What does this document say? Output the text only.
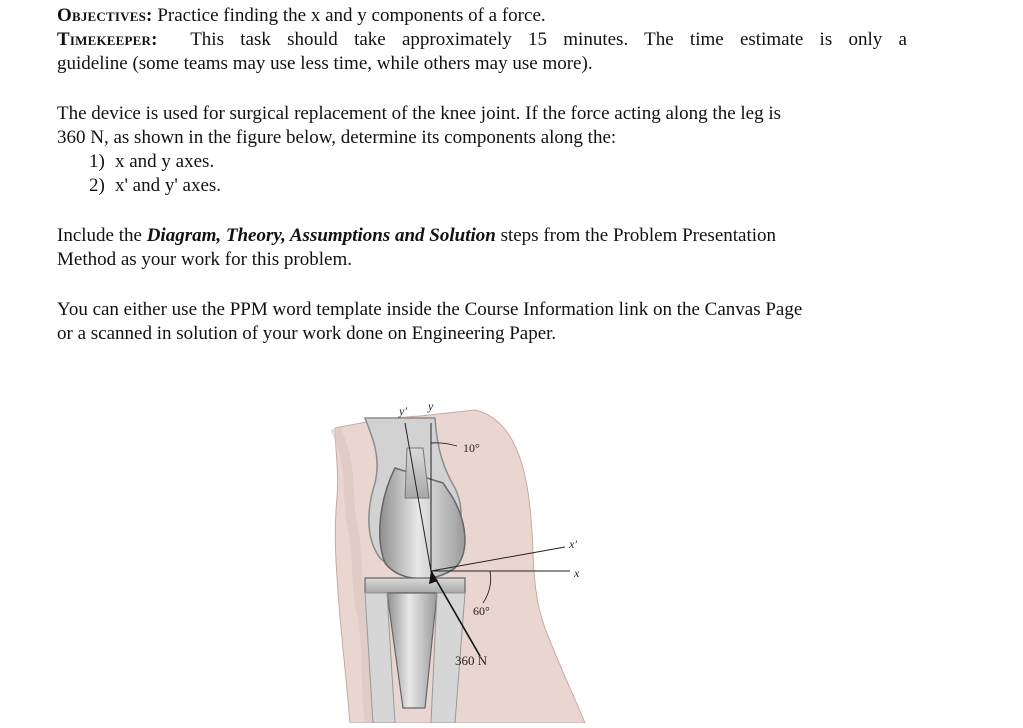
Objectives: Practice finding the x and y components of a force.

Timekeeper: This task should take approximately 15 minutes. The time estimate is only a

guideline (some teams may use less time, while others may use more).

The device is used for surgical replacement of the knee joint. If the force acting along the leg is

360 N, as shown in the figure below, determine its components along the:

1) x and y axes.
2) x' and y' axes.

Include the Diagram, Theory, Assumptions and Solution steps from the Problem Presentation

Method as your work for this problem.

You can either use the PPM word template inside the Course Information link on the Canvas Page

or a scanned in solution of your work done on Engineering Paper.

y' y
10°
x'
x
60°
360 N
